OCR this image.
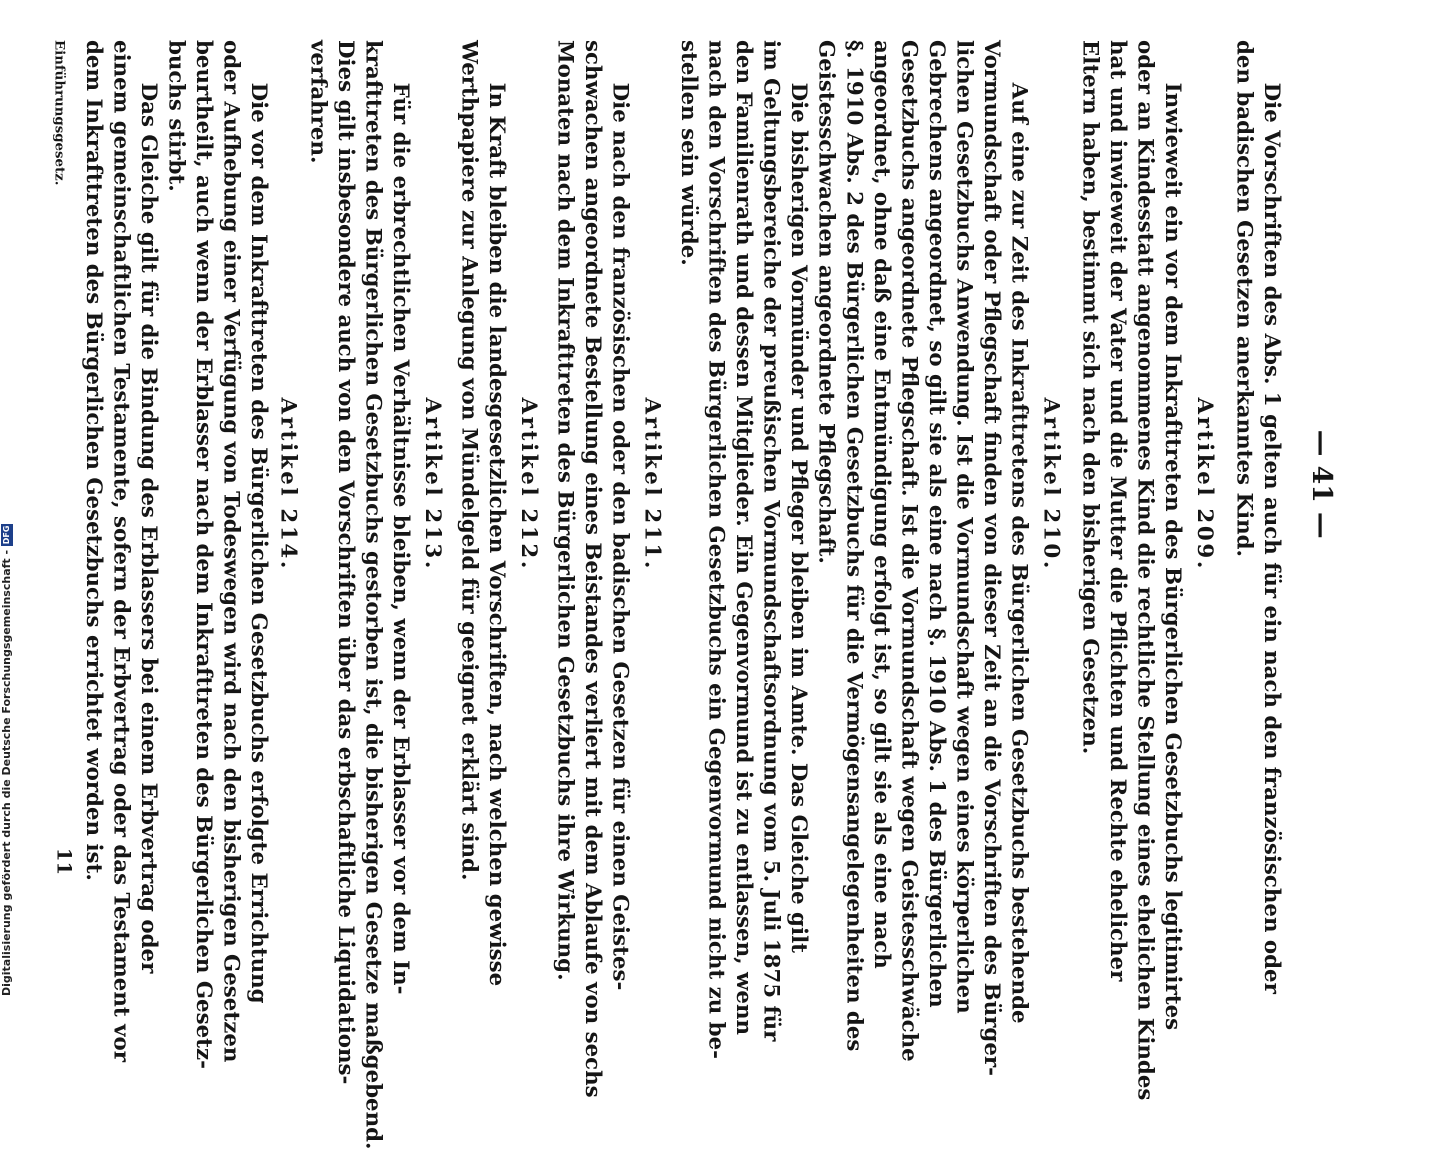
— 41 —
Die Vorschriften des Abs. 1 gelten auch für ein nach den französischen oder
den badischen Gesetzen anerkanntes Kind.
Artikel 209.
Inwieweit ein vor dem Inkrafttreten des Bürgerlichen Gesetzbuchs legitimirtes
oder an Kindesstatt angenommenes Kind die rechtliche Stellung eines ehelichen Kindes
hat und inwieweit der Vater und die Mutter die Pflichten und Rechte ehelicher
Eltern haben, bestimmt sich nach den bisherigen Gesetzen.
Artikel 210.
Auf eine zur Zeit des Inkrafttretens des Bürgerlichen Gesetzbuchs bestehende
Vormundschaft oder Pflegschaft finden von dieser Zeit an die Vorschriften des Bürger-
lichen Gesetzbuchs Anwendung. Ist die Vormundschaft wegen eines körperlichen
Gebrechens angeordnet, so gilt sie als eine nach §. 1910 Abs. 1 des Bürgerlichen
Gesetzbuchs angeordnete Pflegschaft. Ist die Vormundschaft wegen Geistesschwäche
angeordnet, ohne daß eine Entmündigung erfolgt ist, so gilt sie als eine nach
§. 1910 Abs. 2 des Bürgerlichen Gesetzbuchs für die Vermögensangelegenheiten des
Geistesschwachen angeordnete Pflegschaft.
Die bisherigen Vormünder und Pfleger bleiben im Amte. Das Gleiche gilt
im Geltungsbereiche der preußischen Vormundschaftsordnung vom 5. Juli 1875 für
den Familienrath und dessen Mitglieder. Ein Gegenvormund ist zu entlassen, wenn
nach den Vorschriften des Bürgerlichen Gesetzbuchs ein Gegenvormund nicht zu be-
stellen sein würde.
Artikel 211.
Die nach den französischen oder den badischen Gesetzen für einen Geistes-
schwachen angeordnete Bestellung eines Beistandes verliert mit dem Ablaufe von sechs
Monaten nach dem Inkrafttreten des Bürgerlichen Gesetzbuchs ihre Wirkung.
Artikel 212.
In Kraft bleiben die landesgesetzlichen Vorschriften, nach welchen gewisse
Werthpapiere zur Anlegung von Mündelgeld für geeignet erklärt sind.
Artikel 213.
Für die erbrechtlichen Verhältnisse bleiben, wenn der Erblasser vor dem In-
krafttreten des Bürgerlichen Gesetzbuchs gestorben ist, die bisherigen Gesetze maßgebend.
Dies gilt insbesondere auch von den Vorschriften über das erbschaftliche Liquidations-
verfahren.
Artikel 214.
Die vor dem Inkrafttreten des Bürgerlichen Gesetzbuchs erfolgte Errichtung
oder Aufhebung einer Verfügung von Todeswegen wird nach den bisherigen Gesetzen
beurtheilt, auch wenn der Erblasser nach dem Inkrafttreten des Bürgerlichen Gesetz-
buchs stirbt.
Das Gleiche gilt für die Bindung des Erblassers bei einem Erbvertrag oder
einem gemeinschaftlichen Testamente, sofern der Erbvertrag oder das Testament vor
dem Inkrafttreten des Bürgerlichen Gesetzbuchs errichtet worden ist.
Einführungsgesetz.
11
Digitalisierung gefördert durch die Deutsche Forschungsgemeinschaft -
DFG
